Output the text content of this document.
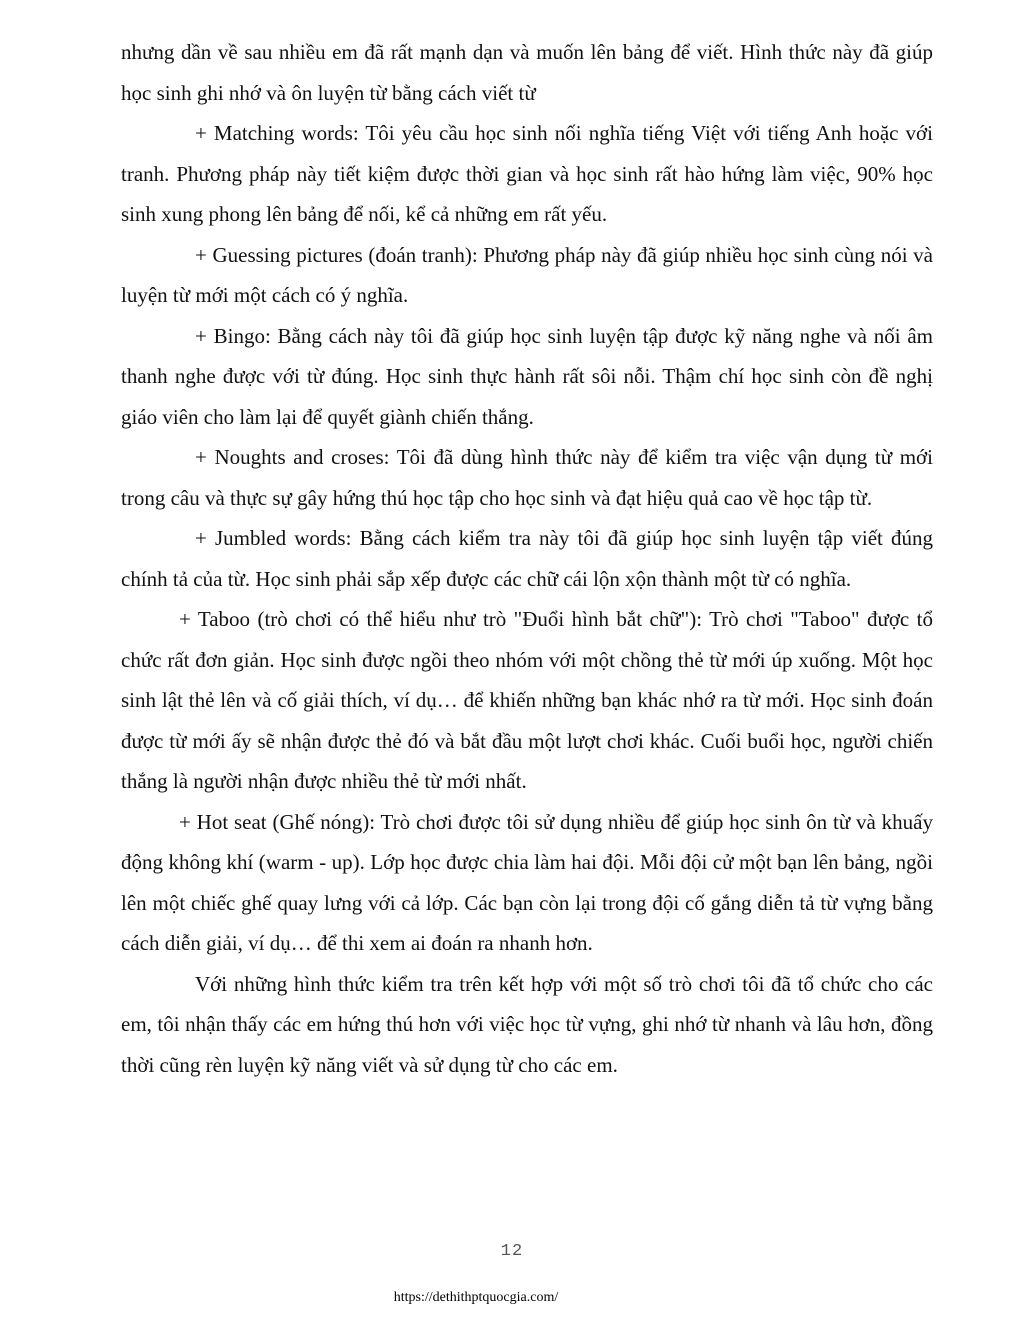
nhưng dần về sau nhiều em đã rất mạnh dạn và muốn lên bảng để viết. Hình thức này đã giúp học sinh ghi nhớ và ôn luyện từ bằng cách viết từ

+ Matching words: Tôi yêu cầu học sinh nối nghĩa tiếng Việt với tiếng Anh hoặc với tranh. Phương pháp này tiết kiệm được thời gian và học sinh rất hào hứng làm việc, 90% học sinh xung phong lên bảng để nối, kể cả những em rất yếu.

+ Guessing pictures (đoán tranh): Phương pháp này đã giúp nhiều học sinh cùng nói và luyện từ mới một cách có ý nghĩa.

+ Bingo: Bằng cách này tôi đã giúp học sinh luyện tập được kỹ năng nghe và nối âm thanh nghe được với từ đúng. Học sinh thực hành rất sôi nỗi. Thậm chí học sinh còn đề nghị giáo viên cho làm lại để quyết giành chiến thắng.

+ Noughts and croses: Tôi đã dùng hình thức này để kiểm tra việc vận dụng từ mới trong câu và thực sự gây hứng thú học tập cho học sinh và đạt hiệu quả cao về học tập từ.

+ Jumbled words: Bằng cách kiểm tra này tôi đã giúp học sinh luyện tập viết đúng chính tả của từ. Học sinh phải sắp xếp được các chữ cái lộn xộn thành một từ có nghĩa.

+ Taboo (trò chơi có thể hiểu như trò "Đuổi hình bắt chữ"): Trò chơi "Taboo" được tổ chức rất đơn giản. Học sinh được ngồi theo nhóm với một chồng thẻ từ mới úp xuống. Một học sinh lật thẻ lên và cố giải thích, ví dụ… để khiến những bạn khác nhớ ra từ mới. Học sinh đoán được từ mới ấy sẽ nhận được thẻ đó và bắt đầu một lượt chơi khác. Cuối buổi học, người chiến thắng là người nhận được nhiều thẻ từ mới nhất.

+ Hot seat (Ghế nóng): Trò chơi được tôi sử dụng nhiều để giúp học sinh ôn từ và khuấy động không khí (warm - up). Lớp học được chia làm hai đội. Mỗi đội cử một bạn lên bảng, ngồi lên một chiếc ghế quay lưng với cả lớp. Các bạn còn lại trong đội cố gắng diễn tả từ vựng bằng cách diễn giải, ví dụ… để thi xem ai đoán ra nhanh hơn.

Với những hình thức kiểm tra trên kết hợp với một số trò chơi tôi đã tổ chức cho các em, tôi nhận thấy các em hứng thú hơn với việc học từ vựng, ghi nhớ từ nhanh và lâu hơn, đồng thời cũng rèn luyện kỹ năng viết và sử dụng từ cho các em.

12
https://dethithptquocgia.com/
